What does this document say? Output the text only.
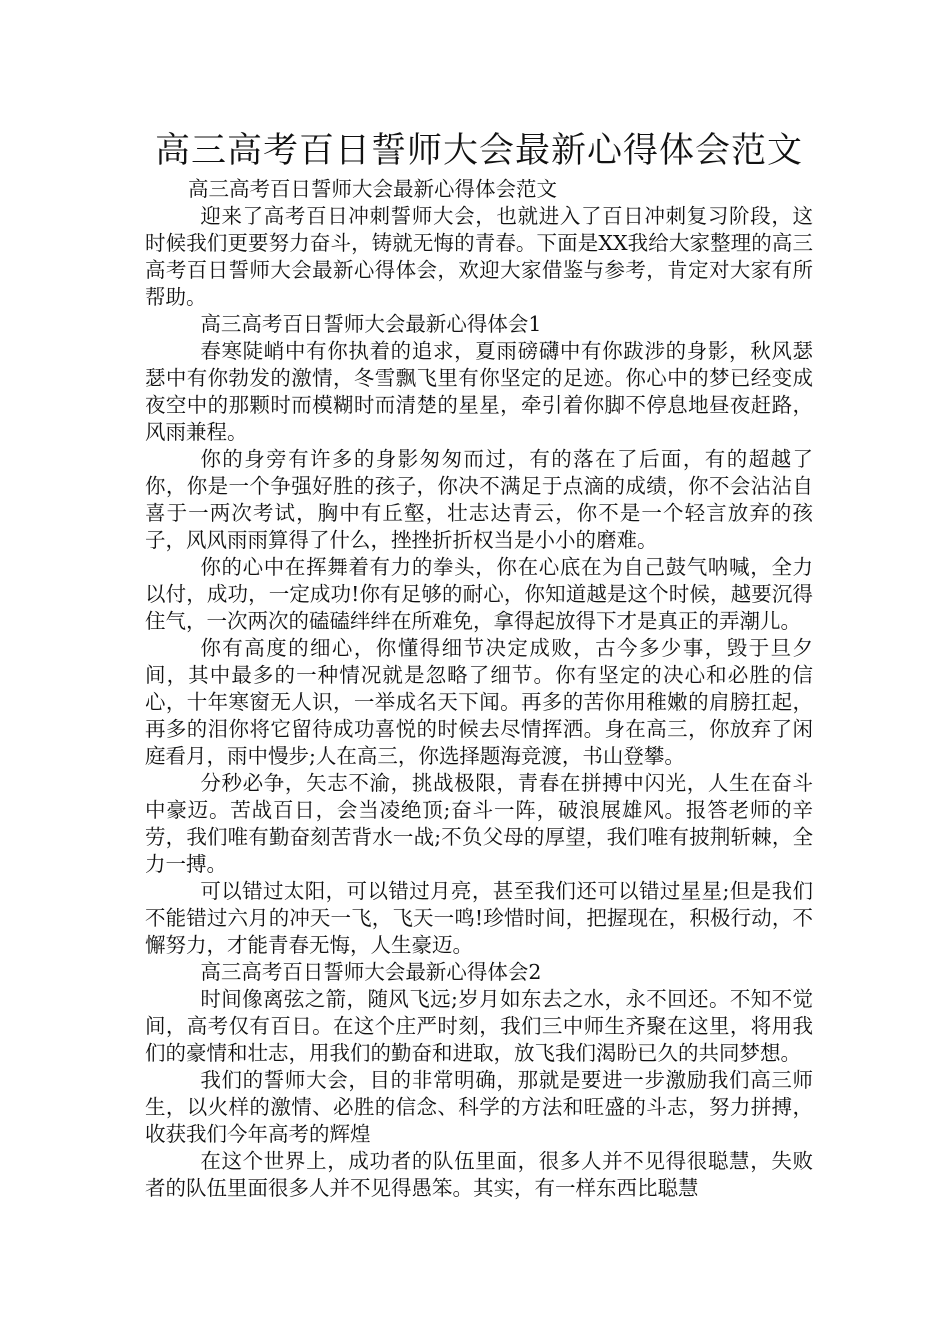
高三高考百日誓师大会最新心得体会范文

高三高考百日誓师大会最新心得体会范文

迎来了高考百日冲刺誓师大会，也就进入了百日冲刺复习阶段，这时候我们更要努力奋斗，铸就无悔的青春。下面是XX我给大家整理的高三高考百日誓师大会最新心得体会，欢迎大家借鉴与参考，肯定对大家有所帮助。

高三高考百日誓师大会最新心得体会1

春寒陡峭中有你执着的追求，夏雨磅礴中有你跋涉的身影，秋风瑟瑟中有你勃发的激情，冬雪飘飞里有你坚定的足迹。你心中的梦已经变成夜空中的那颗时而模糊时而清楚的星星，牵引着你脚不停息地昼夜赶路，风雨兼程。

你的身旁有许多的身影匆匆而过，有的落在了后面，有的超越了你，你是一个争强好胜的孩子，你决不满足于点滴的成绩，你不会沾沾自喜于一两次考试，胸中有丘壑，壮志达青云，你不是一个轻言放弃的孩子，风风雨雨算得了什么，挫挫折折权当是小小的磨难。

你的心中在挥舞着有力的拳头，你在心底在为自己鼓气呐喊，全力以付，成功，一定成功!你有足够的耐心，你知道越是这个时候，越要沉得住气，一次两次的磕磕绊绊在所难免，拿得起放得下才是真正的弄潮儿。

你有高度的细心，你懂得细节决定成败，古今多少事，毁于旦夕间，其中最多的一种情况就是忽略了细节。你有坚定的决心和必胜的信心，十年寒窗无人识，一举成名天下闻。再多的苦你用稚嫩的肩膀扛起，再多的泪你将它留待成功喜悦的时候去尽情挥洒。身在高三，你放弃了闲庭看月，雨中慢步;人在高三，你选择题海竞渡，书山登攀。

分秒必争，矢志不渝，挑战极限，青春在拼搏中闪光，人生在奋斗中豪迈。苦战百日，会当凌绝顶;奋斗一阵，破浪展雄风。报答老师的辛劳，我们唯有勤奋刻苦背水一战;不负父母的厚望，我们唯有披荆斩棘，全力一搏。

可以错过太阳，可以错过月亮，甚至我们还可以错过星星;但是我们不能错过六月的冲天一飞，飞天一鸣!珍惜时间，把握现在，积极行动，不懈努力，才能青春无悔，人生豪迈。

高三高考百日誓师大会最新心得体会2

时间像离弦之箭，随风飞远;岁月如东去之水，永不回还。不知不觉间，高考仅有百日。在这个庄严时刻，我们三中师生齐聚在这里，将用我们的豪情和壮志，用我们的勤奋和进取，放飞我们渴盼已久的共同梦想。

我们的誓师大会，目的非常明确，那就是要进一步激励我们高三师生，以火样的激情、必胜的信念、科学的方法和旺盛的斗志，努力拼搏，收获我们今年高考的辉煌

在这个世界上，成功者的队伍里面，很多人并不见得很聪慧，失败者的队伍里面很多人并不见得愚笨。其实，有一样东西比聪慧
